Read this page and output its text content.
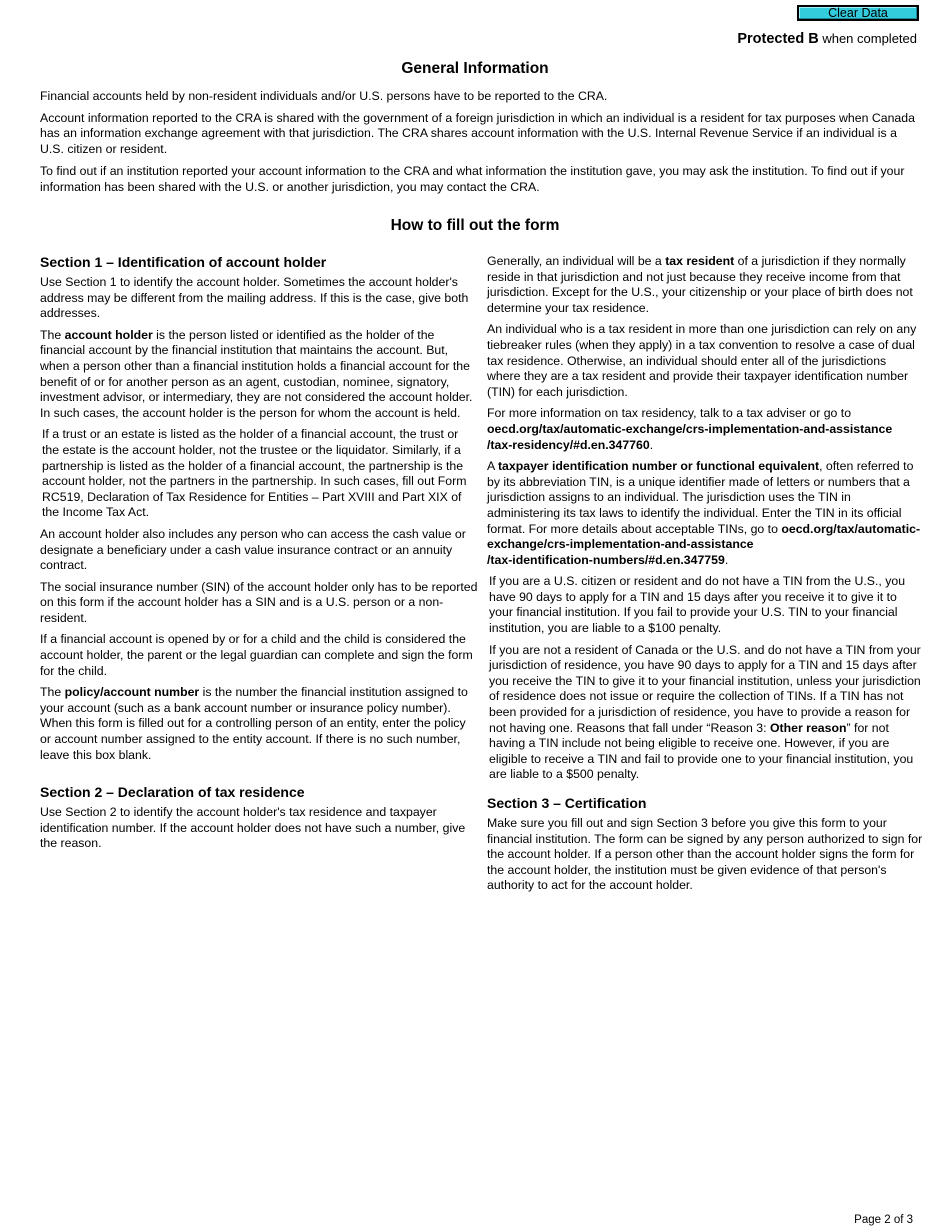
Clear Data
Protected B when completed
General Information

Financial accounts held by non-resident individuals and/or U.S. persons have to be reported to the CRA.

Account information reported to the CRA is shared with the government of a foreign jurisdiction in which an individual is a resident for tax purposes when Canada has an information exchange agreement with that jurisdiction. The CRA shares account information with the U.S. Internal Revenue Service if an individual is a U.S. citizen or resident.

To find out if an institution reported your account information to the CRA and what information the institution gave, you may ask the institution. To find out if your information has been shared with the U.S. or another jurisdiction, you may contact the CRA.

How to fill out the form
Section 1 – Identification of account holder

Use Section 1 to identify the account holder. Sometimes the account holder's address may be different from the mailing address. If this is the case, give both addresses.

The account holder is the person listed or identified as the holder of the financial account by the financial institution that maintains the account. But, when a person other than a financial institution holds a financial account for the benefit of or for another person as an agent, custodian, nominee, signatory, investment advisor, or intermediary, they are not considered the account holder. In such cases, the account holder is the person for whom the account is held.

If a trust or an estate is listed as the holder of a financial account, the trust or the estate is the account holder, not the trustee or the liquidator. Similarly, if a partnership is listed as the holder of a financial account, the partnership is the account holder, not the partners in the partnership. In such cases, fill out Form RC519, Declaration of Tax Residence for Entities – Part XVIII and Part XIX of the Income Tax Act.

An account holder also includes any person who can access the cash value or designate a beneficiary under a cash value insurance contract or an annuity contract.

The social insurance number (SIN) of the account holder only has to be reported on this form if the account holder has a SIN and is a U.S. person or a non-resident.

If a financial account is opened by or for a child and the child is considered the account holder, the parent or the legal guardian can complete and sign the form for the child.

The policy/account number is the number the financial institution assigned to your account (such as a bank account number or insurance policy number). When this form is filled out for a controlling person of an entity, enter the policy or account number assigned to the entity account. If there is no such number, leave this box blank.

Section 2 – Declaration of tax residence

Use Section 2 to identify the account holder's tax residence and taxpayer identification number. If the account holder does not have such a number, give the reason.

Generally, an individual will be a tax resident of a jurisdiction if they normally reside in that jurisdiction and not just because they receive income from that jurisdiction. Except for the U.S., your citizenship or your place of birth does not determine your tax residence.

An individual who is a tax resident in more than one jurisdiction can rely on any tiebreaker rules (when they apply) in a tax convention to resolve a case of dual tax residence. Otherwise, an individual should enter all of the jurisdictions where they are a tax resident and provide their taxpayer identification number (TIN) for each jurisdiction.

For more information on tax residency, talk to a tax adviser or go to oecd.org/tax/automatic-exchange/crs-implementation-and-assistance
/tax-residency/#d.en.347760.

A taxpayer identification number or functional equivalent, often referred to by its abbreviation TIN, is a unique identifier made of letters or numbers that a jurisdiction assigns to an individual. The jurisdiction uses the TIN in administering its tax laws to identify the individual. Enter the TIN in its official format. For more details about acceptable TINs, go to oecd.org/tax/automatic-exchange/crs-implementation-and-assistance
/tax-identification-numbers/#d.en.347759.

If you are a U.S. citizen or resident and do not have a TIN from the U.S., you have 90 days to apply for a TIN and 15 days after you receive it to give it to your financial institution. If you fail to provide your U.S. TIN to your financial institution, you are liable to a $100 penalty.

If you are not a resident of Canada or the U.S. and do not have a TIN from your jurisdiction of residence, you have 90 days to apply for a TIN and 15 days after you receive the TIN to give it to your financial institution, unless your jurisdiction of residence does not issue or require the collection of TINs. If a TIN has not been provided for a jurisdiction of residence, you have to provide a reason for not having one. Reasons that fall under “Reason 3: Other reason” for not having a TIN include not being eligible to receive one. However, if you are eligible to receive a TIN and fail to provide one to your financial institution, you are liable to a $500 penalty.

Section 3 – Certification

Make sure you fill out and sign Section 3 before you give this form to your financial institution. The form can be signed by any person authorized to sign for the account holder. If a person other than the account holder signs the form for the account holder, the institution must be given evidence of that person's authority to act for the account holder.

Page 2 of 3
